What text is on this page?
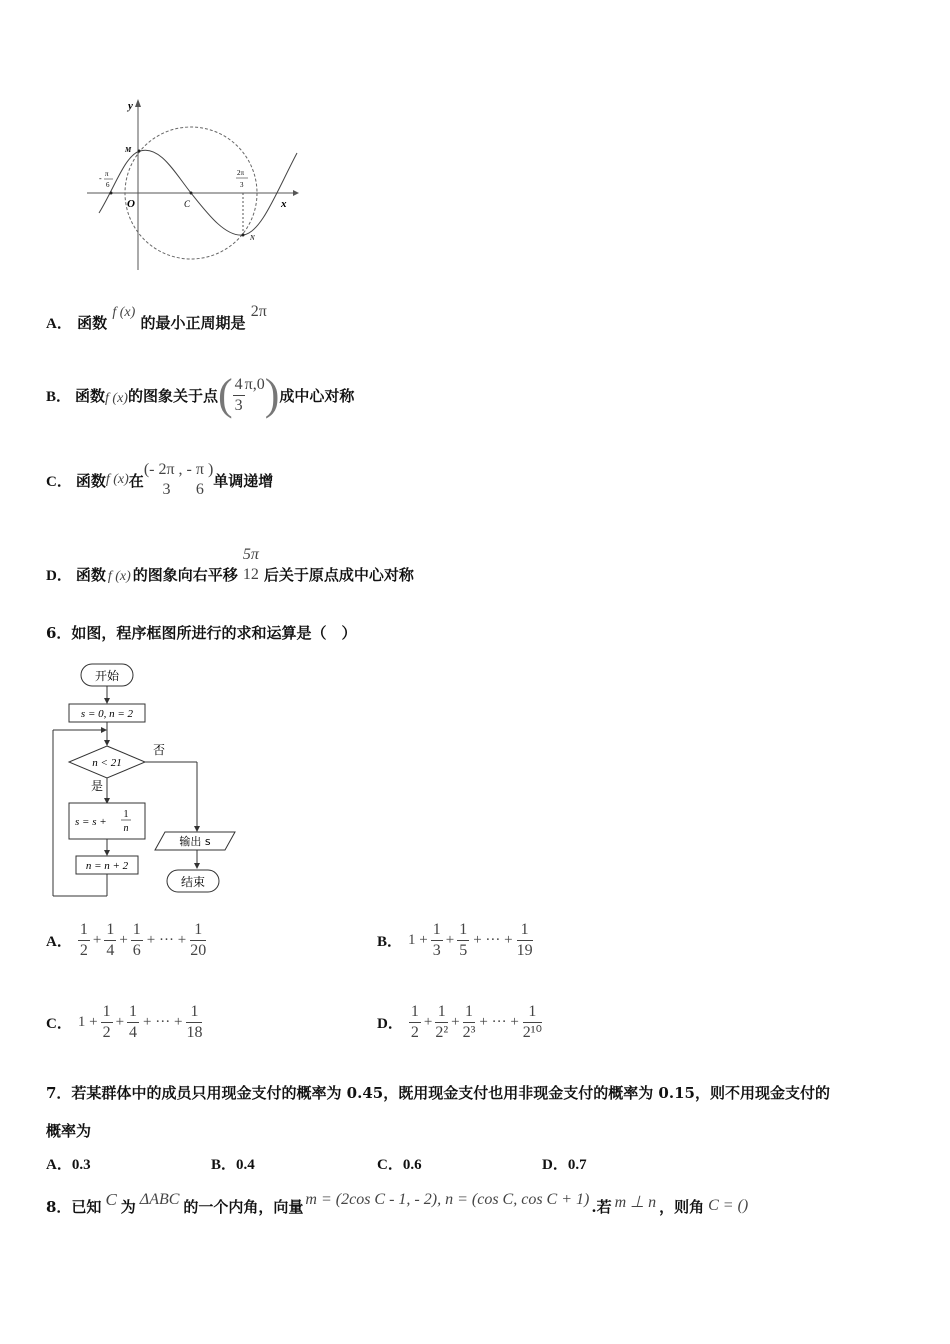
y
x
O
M
C
N
- π
6
2π
3
A． 函数 f (x) 的最小正周期是 2π
B． 函数 f (x) 的图象关于点 ( $\frac{4}{3} \pi,0$ ) 成中心对称
C． 函数 f (x) 在
(- 2π
3
, - π
6
)
单调递增
D． 函数 f (x) 的图象向右平移
5π
12 后关于原点成中心对称
6．如图，程序框图所进行的求和运算是（　）
开始
s = 0, n = 2
n < 21
否
是
s = s +
1
n
n = n + 2
输出 s
结束
A． $\frac{1}{2} + \frac{1}{4} + \frac{1}{6}$ + ··· + $\frac{1}{20}$	B． $1 + \frac{1}{3} + \frac{1}{5}$ + ··· + $\frac{1}{19}$
C． $1 + \frac{1}{2} + \frac{1}{4}$ + ··· + $\frac{1}{18}$	D． $\frac{1}{2} + \frac{1}{\text{2²}} + \frac{1}{\text{2³}}$ + ··· + $\frac{1}{\text{2¹⁰}}$
7．若某群体中的成员只用现金支付的概率为 0.45，既用现金支付也用非现金支付的概率为 0.15，则不用现金支付的
概率为
A．0.3	B．0.4	C．0.6	D．0.7
8．已知 C 为 ΔABC 的一个内角，向量 m = (2cos C - 1, - 2), n = (cos C, cos C + 1) .若 m ⊥ n ，则角 C = ()
